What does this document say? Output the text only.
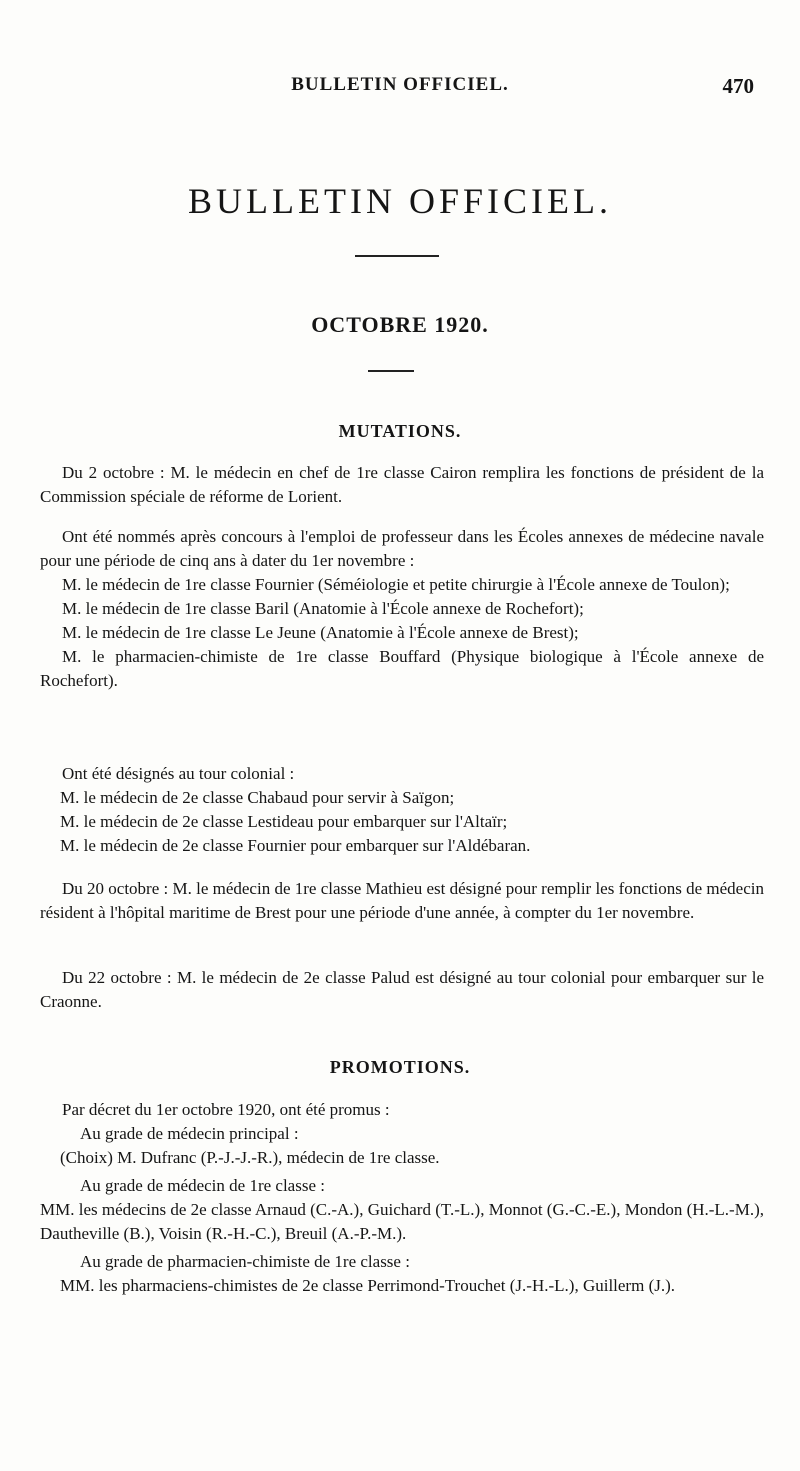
BULLETIN OFFICIEL.	470
BULLETIN OFFICIEL.
OCTOBRE 1920.
MUTATIONS.

Du 2 octobre : M. le médecin en chef de 1re classe Cairon remplira les fonctions de président de la Commission spéciale de réforme de Lorient.

Ont été nommés après concours à l'emploi de professeur dans les Écoles annexes de médecine navale pour une période de cinq ans à dater du 1er novembre :

M. le médecin de 1re classe Fournier (Séméiologie et petite chirurgie à l'École annexe de Toulon);

M. le médecin de 1re classe Baril (Anatomie à l'École annexe de Rochefort);

M. le médecin de 1re classe Le Jeune (Anatomie à l'École annexe de Brest);

M. le pharmacien-chimiste de 1re classe Bouffard (Physique biologique à l'École annexe de Rochefort).

Ont été désignés au tour colonial :

M. le médecin de 2e classe Chabaud pour servir à Saïgon;

M. le médecin de 2e classe Lestideau pour embarquer sur l'Altaïr;

M. le médecin de 2e classe Fournier pour embarquer sur l'Aldébaran.

Du 20 octobre : M. le médecin de 1re classe Mathieu est désigné pour remplir les fonctions de médecin résident à l'hôpital maritime de Brest pour une période d'une année, à compter du 1er novembre.

Du 22 octobre : M. le médecin de 2e classe Palud est désigné au tour colonial pour embarquer sur le Craonne.

PROMOTIONS.

Par décret du 1er octobre 1920, ont été promus :

Au grade de médecin principal :

(Choix) M. Dufranc (P.-J.-J.-R.), médecin de 1re classe.

Au grade de médecin de 1re classe :

MM. les médecins de 2e classe Arnaud (C.-A.), Guichard (T.-L.), Monnot (G.-C.-E.), Mondon (H.-L.-M.), Dautheville (B.), Voisin (R.-H.-C.), Breuil (A.-P.-M.).

Au grade de pharmacien-chimiste de 1re classe :

MM. les pharmaciens-chimistes de 2e classe Perrimond-Trouchet (J.-H.-L.), Guillerm (J.).
